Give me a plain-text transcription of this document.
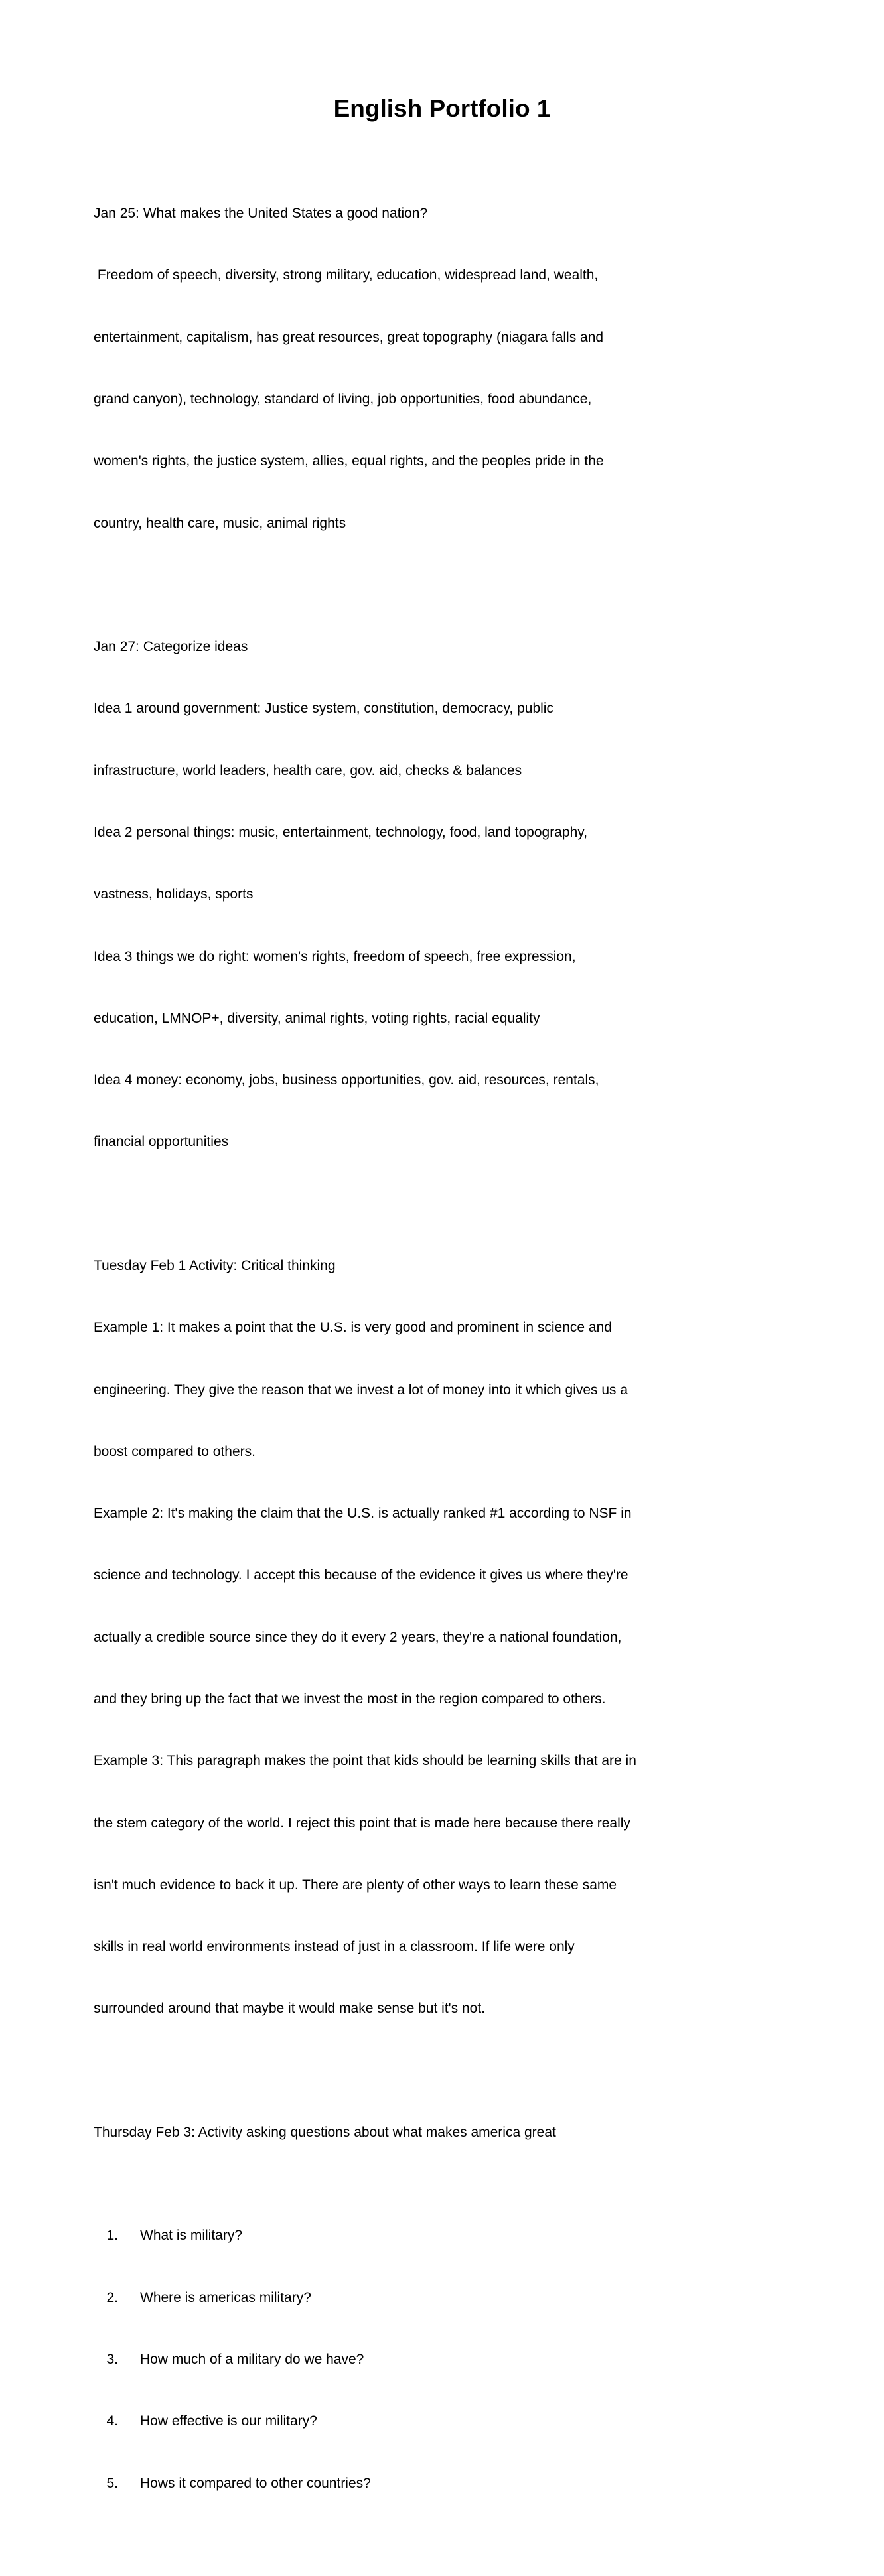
English Portfolio 1

Jan 25: What makes the United States a good nation?

Freedom of speech, diversity, strong military, education, widespread land, wealth,

entertainment, capitalism, has great resources, great topography (niagara falls and

grand canyon), technology, standard of living, job opportunities, food abundance,

women's rights, the justice system, allies, equal rights, and the peoples pride in the

country, health care, music, animal rights

Jan 27: Categorize ideas

Idea 1 around government: Justice system, constitution, democracy, public

infrastructure, world leaders, health care, gov. aid, checks & balances

Idea 2 personal things: music, entertainment, technology, food, land topography,

vastness, holidays, sports

Idea 3 things we do right: women's rights, freedom of speech, free expression,

education, LMNOP+, diversity, animal rights, voting rights, racial equality

Idea 4 money: economy, jobs, business opportunities, gov. aid, resources, rentals,

financial opportunities

Tuesday Feb 1 Activity: Critical thinking

Example 1: It makes a point that the U.S. is very good and prominent in science and

engineering. They give the reason that we invest a lot of money into it which gives us a

boost compared to others.

Example 2: It's making the claim that the U.S. is actually ranked #1 according to NSF in

science and technology. I accept this because of the evidence it gives us where they're

actually a credible source since they do it every 2 years, they're a national foundation,

and they bring up the fact that we invest the most in the region compared to others.

Example 3: This paragraph makes the point that kids should be learning skills that are in

the stem category of the world. I reject this point that is made here because there really

isn't much evidence to back it up. There are plenty of other ways to learn these same

skills in real world environments instead of just in a classroom. If life were only

surrounded around that maybe it would make sense but it's not.

Thursday Feb 3: Activity asking questions about what makes america great

1. What is military?

2. Where is americas military?

3. How much of a military do we have?

4. How effective is our military?

5. Hows it compared to other countries?
